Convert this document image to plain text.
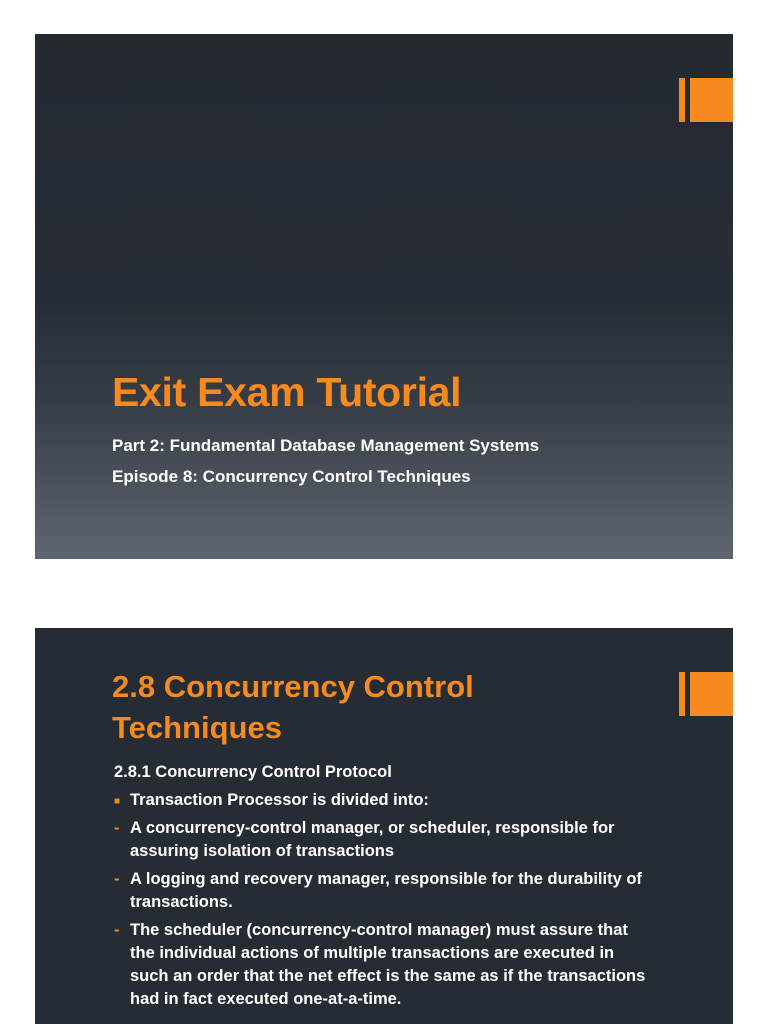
Exit Exam Tutorial

Part 2: Fundamental Database Management Systems

Episode 8: Concurrency Control Techniques

2.8 Concurrency Control
Techniques

2.8.1 Concurrency Control Protocol

■ Transaction Processor is divided into:
- A concurrency-control manager, or scheduler, responsible for assuring isolation of transactions
- A logging and recovery manager, responsible for the durability of transactions.
- The scheduler (concurrency-control manager) must assure that the individual actions of multiple transactions are executed in such an order that the net effect is the same as if the transactions had in fact executed one-at-a-time.
